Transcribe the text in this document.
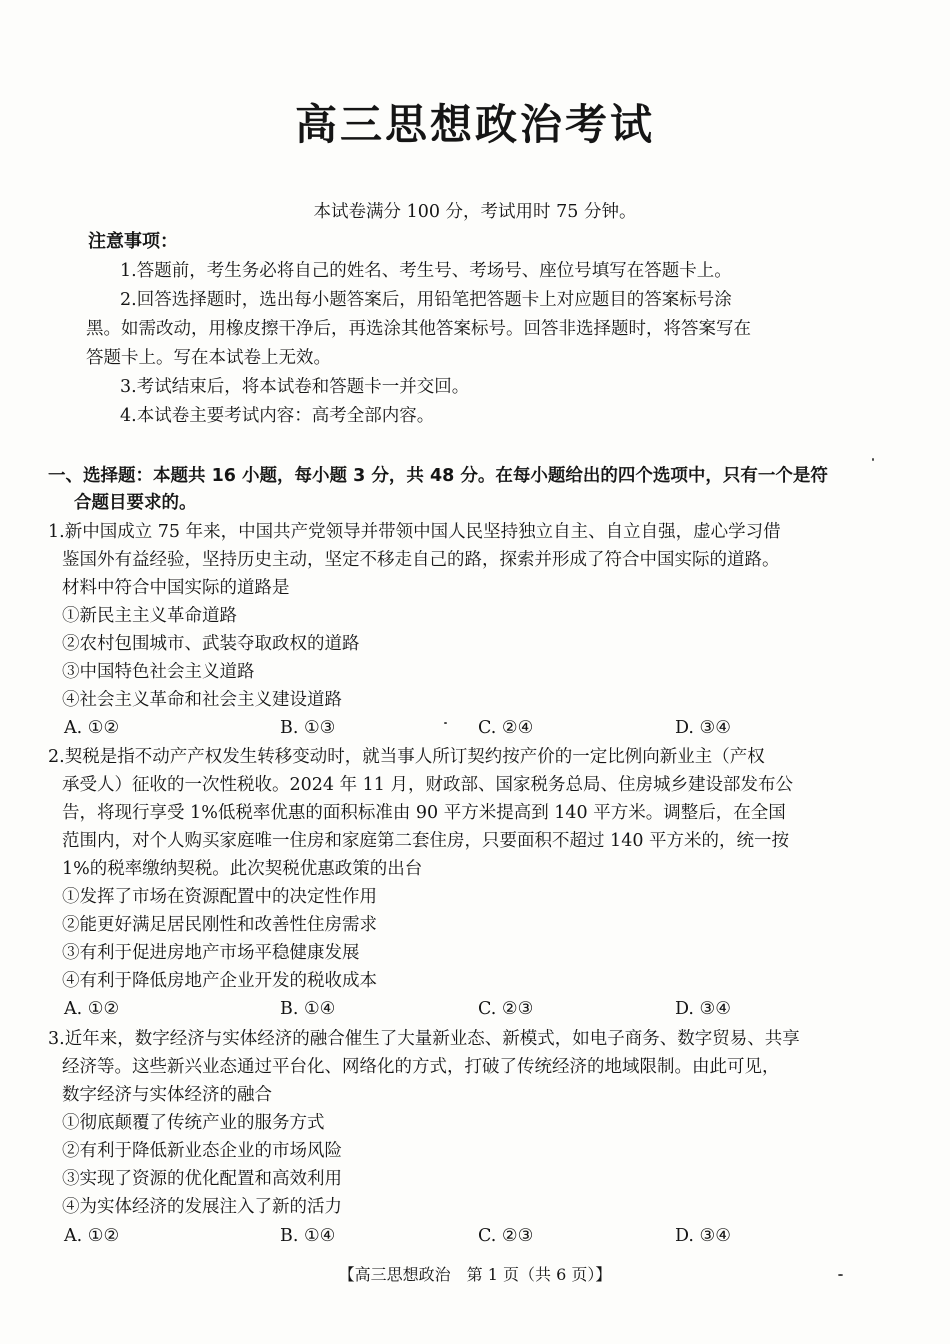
高三思想政治考试
本试卷满分 100 分，考试用时 75 分钟。
注意事项：
1.答题前，考生务必将自己的姓名、考生号、考场号、座位号填写在答题卡上。
2.回答选择题时，选出每小题答案后，用铅笔把答题卡上对应题目的答案标号涂
黑。如需改动，用橡皮擦干净后，再选涂其他答案标号。回答非选择题时，将答案写在
答题卡上。写在本试卷上无效。
3.考试结束后，将本试卷和答题卡一并交回。
4.本试卷主要考试内容：高考全部内容。
一、选择题：本题共 16 小题，每小题 3 分，共 48 分。在每小题给出的四个选项中，只有一个是符
合题目要求的。
1.新中国成立 75 年来，中国共产党领导并带领中国人民坚持独立自主、自立自强，虚心学习借
鉴国外有益经验，坚持历史主动，坚定不移走自己的路，探索并形成了符合中国实际的道路。
材料中符合中国实际的道路是
①新民主主义革命道路
②农村包围城市、武装夺取政权的道路
③中国特色社会主义道路
④社会主义革命和社会主义建设道路
A. ①②	B. ①③	C. ②④	D. ③④
2.契税是指不动产产权发生转移变动时，就当事人所订契约按产价的一定比例向新业主（产权
承受人）征收的一次性税收。2024 年 11 月，财政部、国家税务总局、住房城乡建设部发布公
告，将现行享受 1%低税率优惠的面积标准由 90 平方米提高到 140 平方米。调整后，在全国
范围内，对个人购买家庭唯一住房和家庭第二套住房，只要面积不超过 140 平方米的，统一按
1%的税率缴纳契税。此次契税优惠政策的出台
①发挥了市场在资源配置中的决定性作用
②能更好满足居民刚性和改善性住房需求
③有利于促进房地产市场平稳健康发展
④有利于降低房地产企业开发的税收成本
A. ①②	B. ①④	C. ②③	D. ③④
3.近年来，数字经济与实体经济的融合催生了大量新业态、新模式，如电子商务、数字贸易、共享
经济等。这些新兴业态通过平台化、网络化的方式，打破了传统经济的地域限制。由此可见，
数字经济与实体经济的融合
①彻底颠覆了传统产业的服务方式
②有利于降低新业态企业的市场风险
③实现了资源的优化配置和高效利用
④为实体经济的发展注入了新的活力
A. ①②	B. ①④	C. ②③	D. ③④
【高三思想政治　第 1 页（共 6 页）】
